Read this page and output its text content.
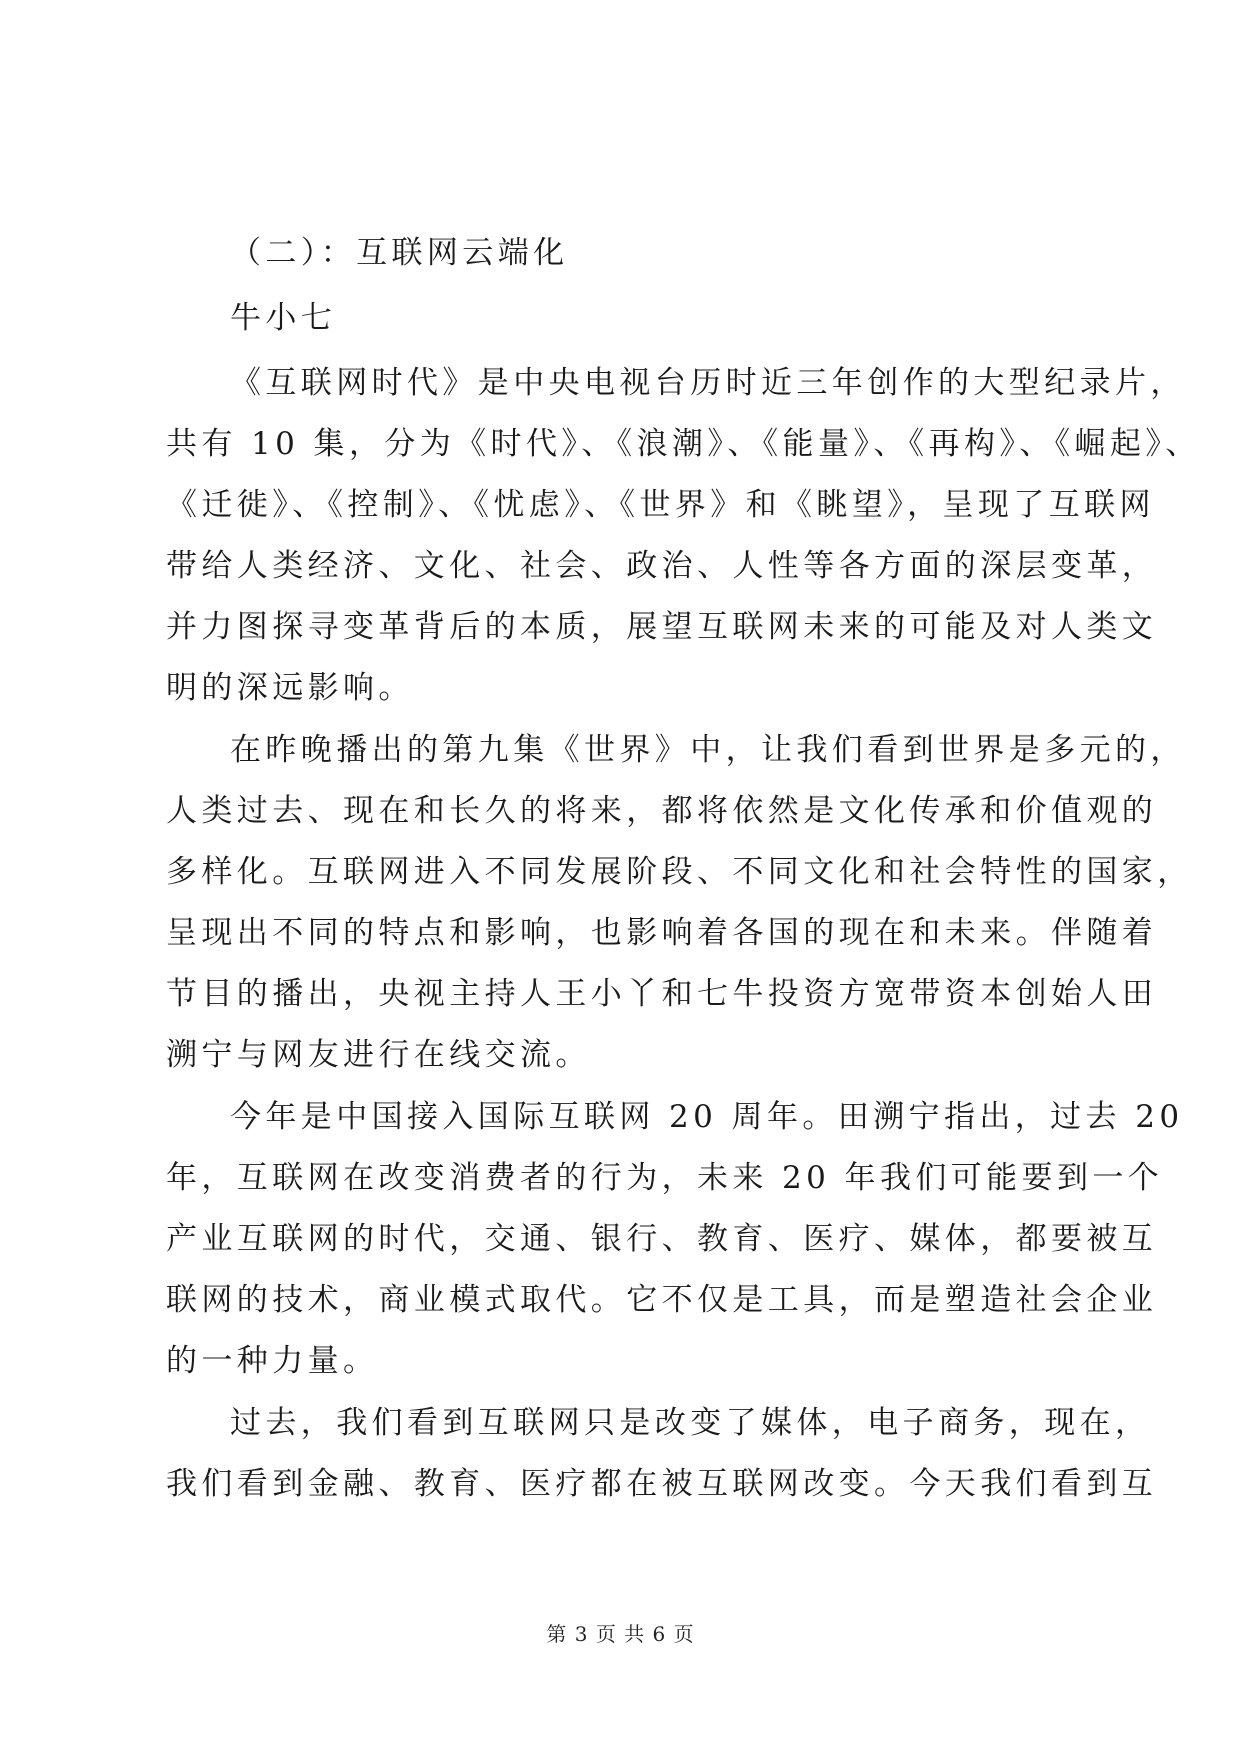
（二）：互联网云端化
牛小七
《互联网时代》是中央电视台历时近三年创作的大型纪录片，
共有 10 集，分为《时代》、《浪潮》、《能量》、《再构》、《崛起》、
《迁徙》、《控制》、《忧虑》、《世界》和《眺望》，呈现了互联网
带给人类经济、文化、社会、政治、人性等各方面的深层变革，
并力图探寻变革背后的本质，展望互联网未来的可能及对人类文
明的深远影响。
在昨晚播出的第九集《世界》中，让我们看到世界是多元的，
人类过去、现在和长久的将来，都将依然是文化传承和价值观的
多样化。互联网进入不同发展阶段、不同文化和社会特性的国家，
呈现出不同的特点和影响，也影响着各国的现在和未来。伴随着
节目的播出，央视主持人王小丫和七牛投资方宽带资本创始人田
溯宁与网友进行在线交流。
今年是中国接入国际互联网 20 周年。田溯宁指出，过去 20
年，互联网在改变消费者的行为，未来 20 年我们可能要到一个
产业互联网的时代，交通、银行、教育、医疗、媒体，都要被互
联网的技术，商业模式取代。它不仅是工具，而是塑造社会企业
的一种力量。
过去，我们看到互联网只是改变了媒体，电子商务，现在，
我们看到金融、教育、医疗都在被互联网改变。今天我们看到互
第 3 页 共 6 页
